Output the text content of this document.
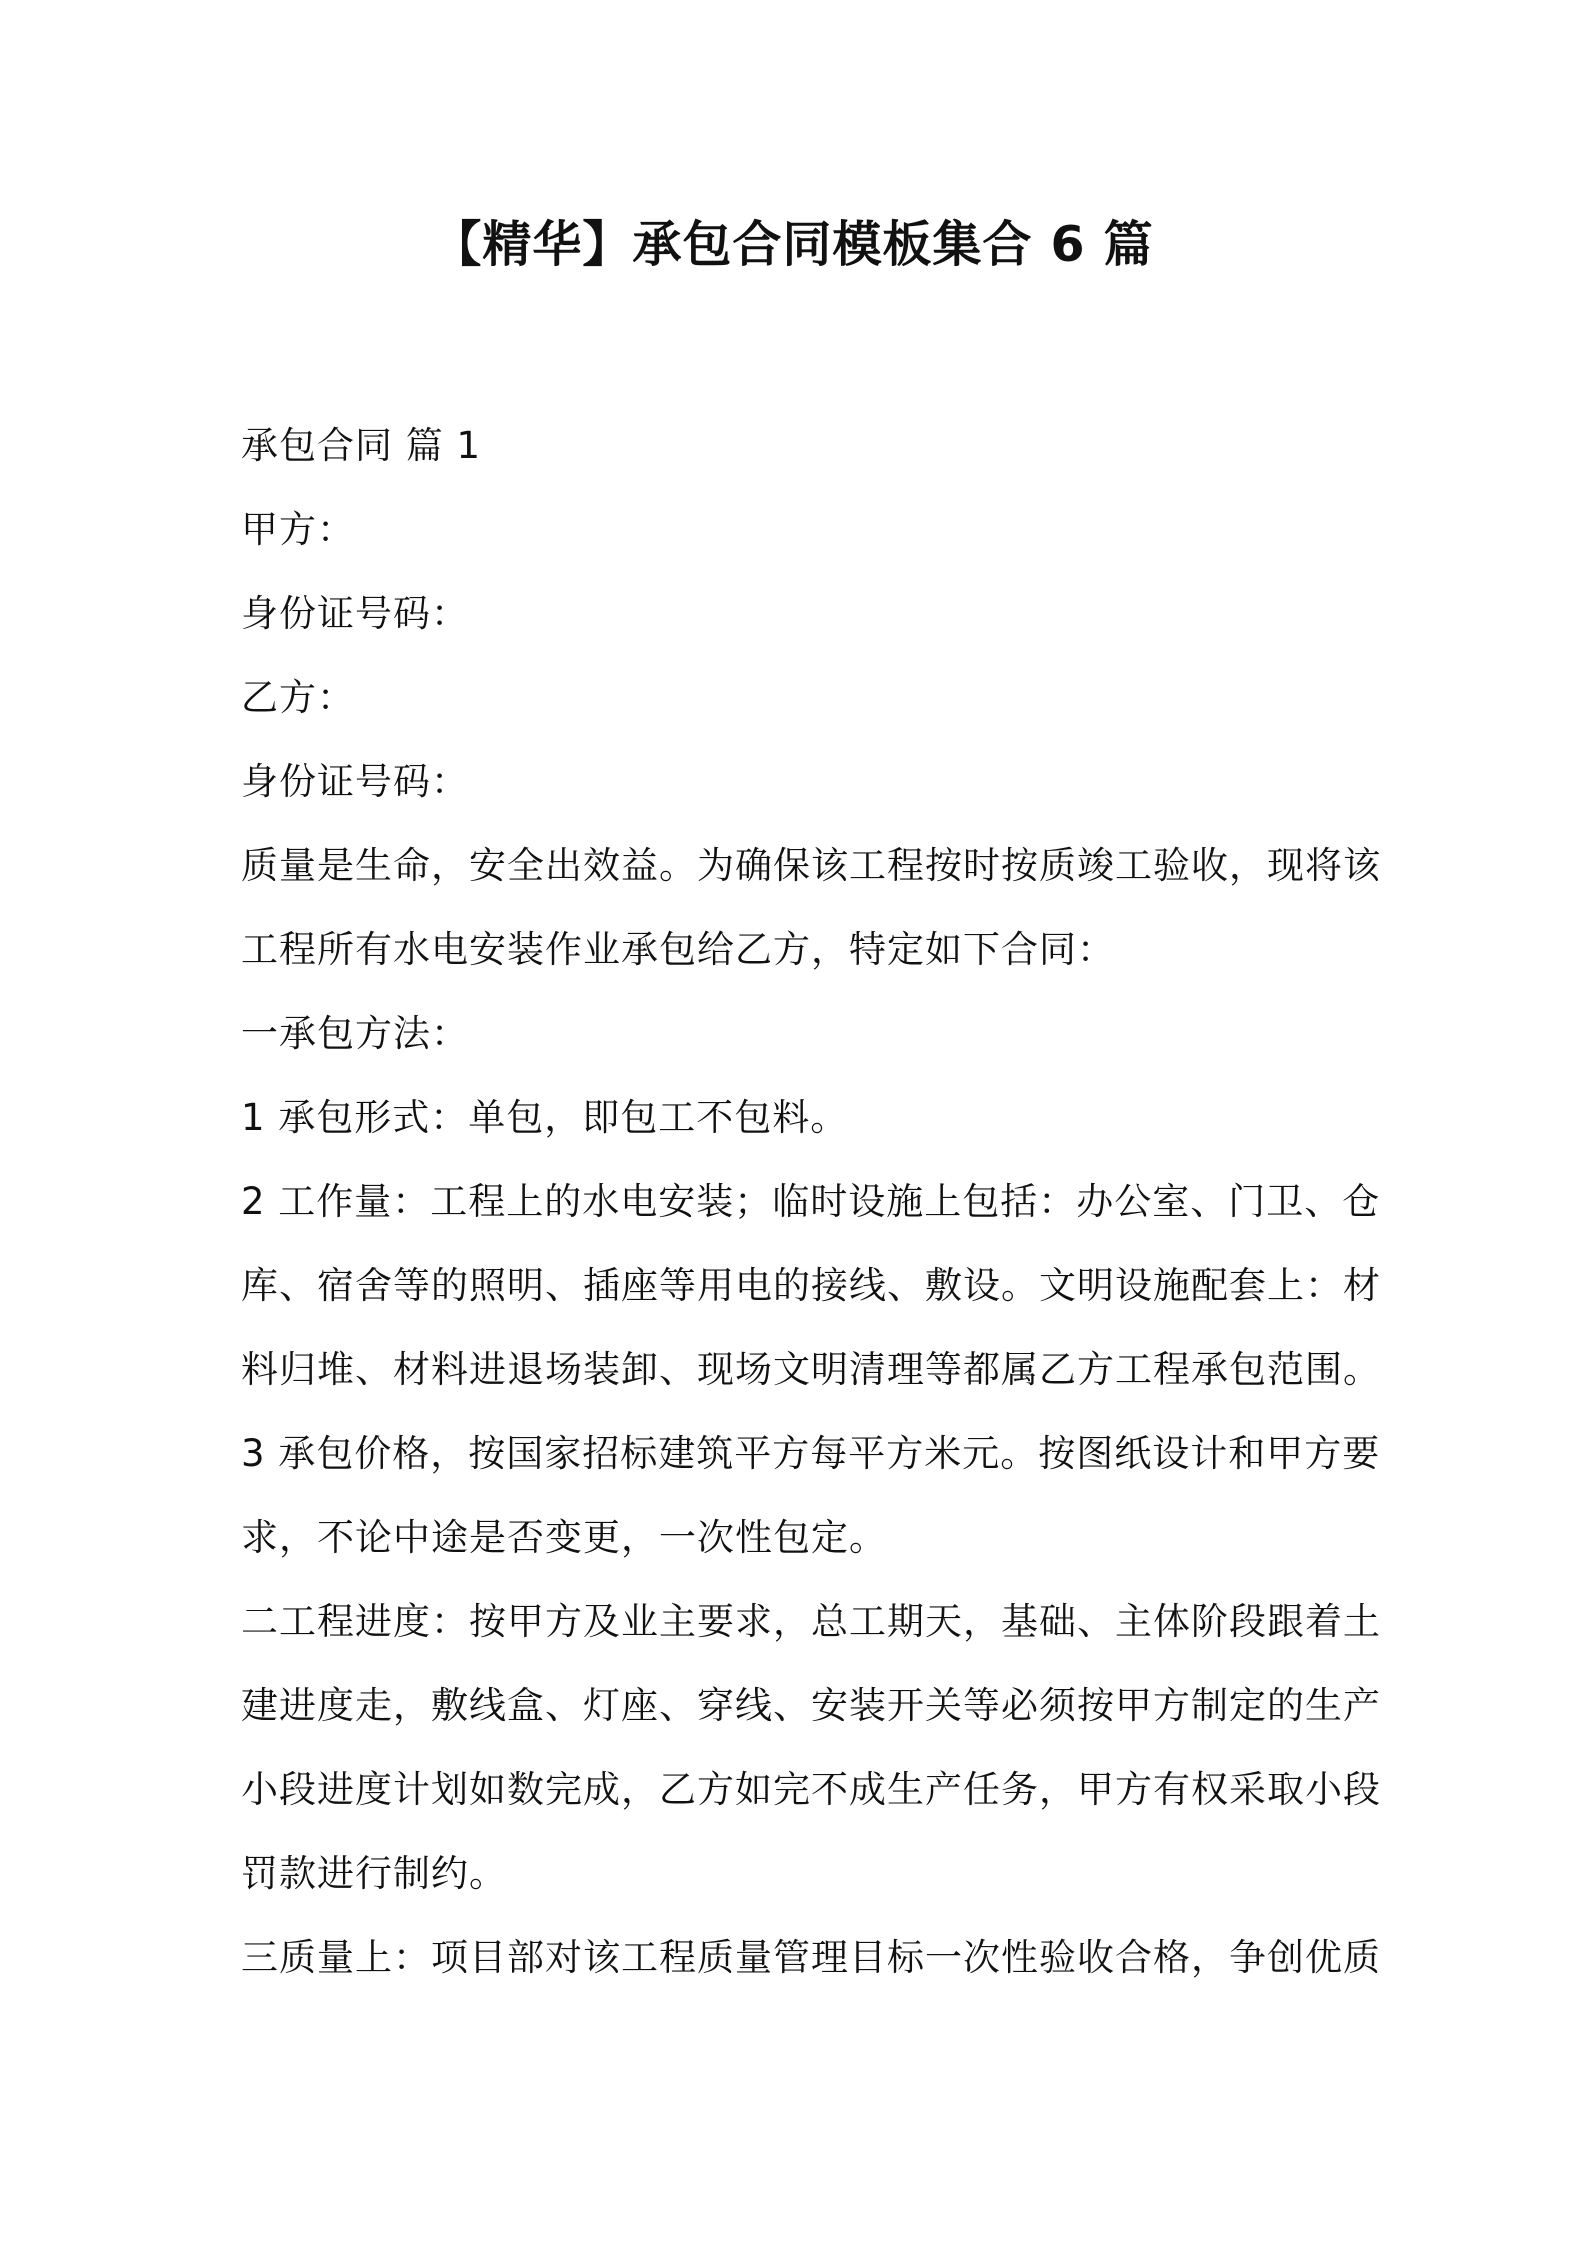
【精华】承包合同模板集合 6 篇

承包合同 篇 1

甲方：

身份证号码：

乙方：

身份证号码：

质量是生命，安全出效益。为确保该工程按时按质竣工验收，现将该

工程所有水电安装作业承包给乙方，特定如下合同：

一承包方法：

1 承包形式：单包，即包工不包料。

2 工作量：工程上的水电安装；临时设施上包括：办公室、门卫、仓

库、宿舍等的照明、插座等用电的接线、敷设。文明设施配套上：材

料归堆、材料进退场装卸、现场文明清理等都属乙方工程承包范围。

3 承包价格，按国家招标建筑平方每平方米元。按图纸设计和甲方要

求，不论中途是否变更，一次性包定。

二工程进度：按甲方及业主要求，总工期天，基础、主体阶段跟着土

建进度走，敷线盒、灯座、穿线、安装开关等必须按甲方制定的生产

小段进度计划如数完成，乙方如完不成生产任务，甲方有权采取小段

罚款进行制约。

三质量上：项目部对该工程质量管理目标一次性验收合格，争创优质
